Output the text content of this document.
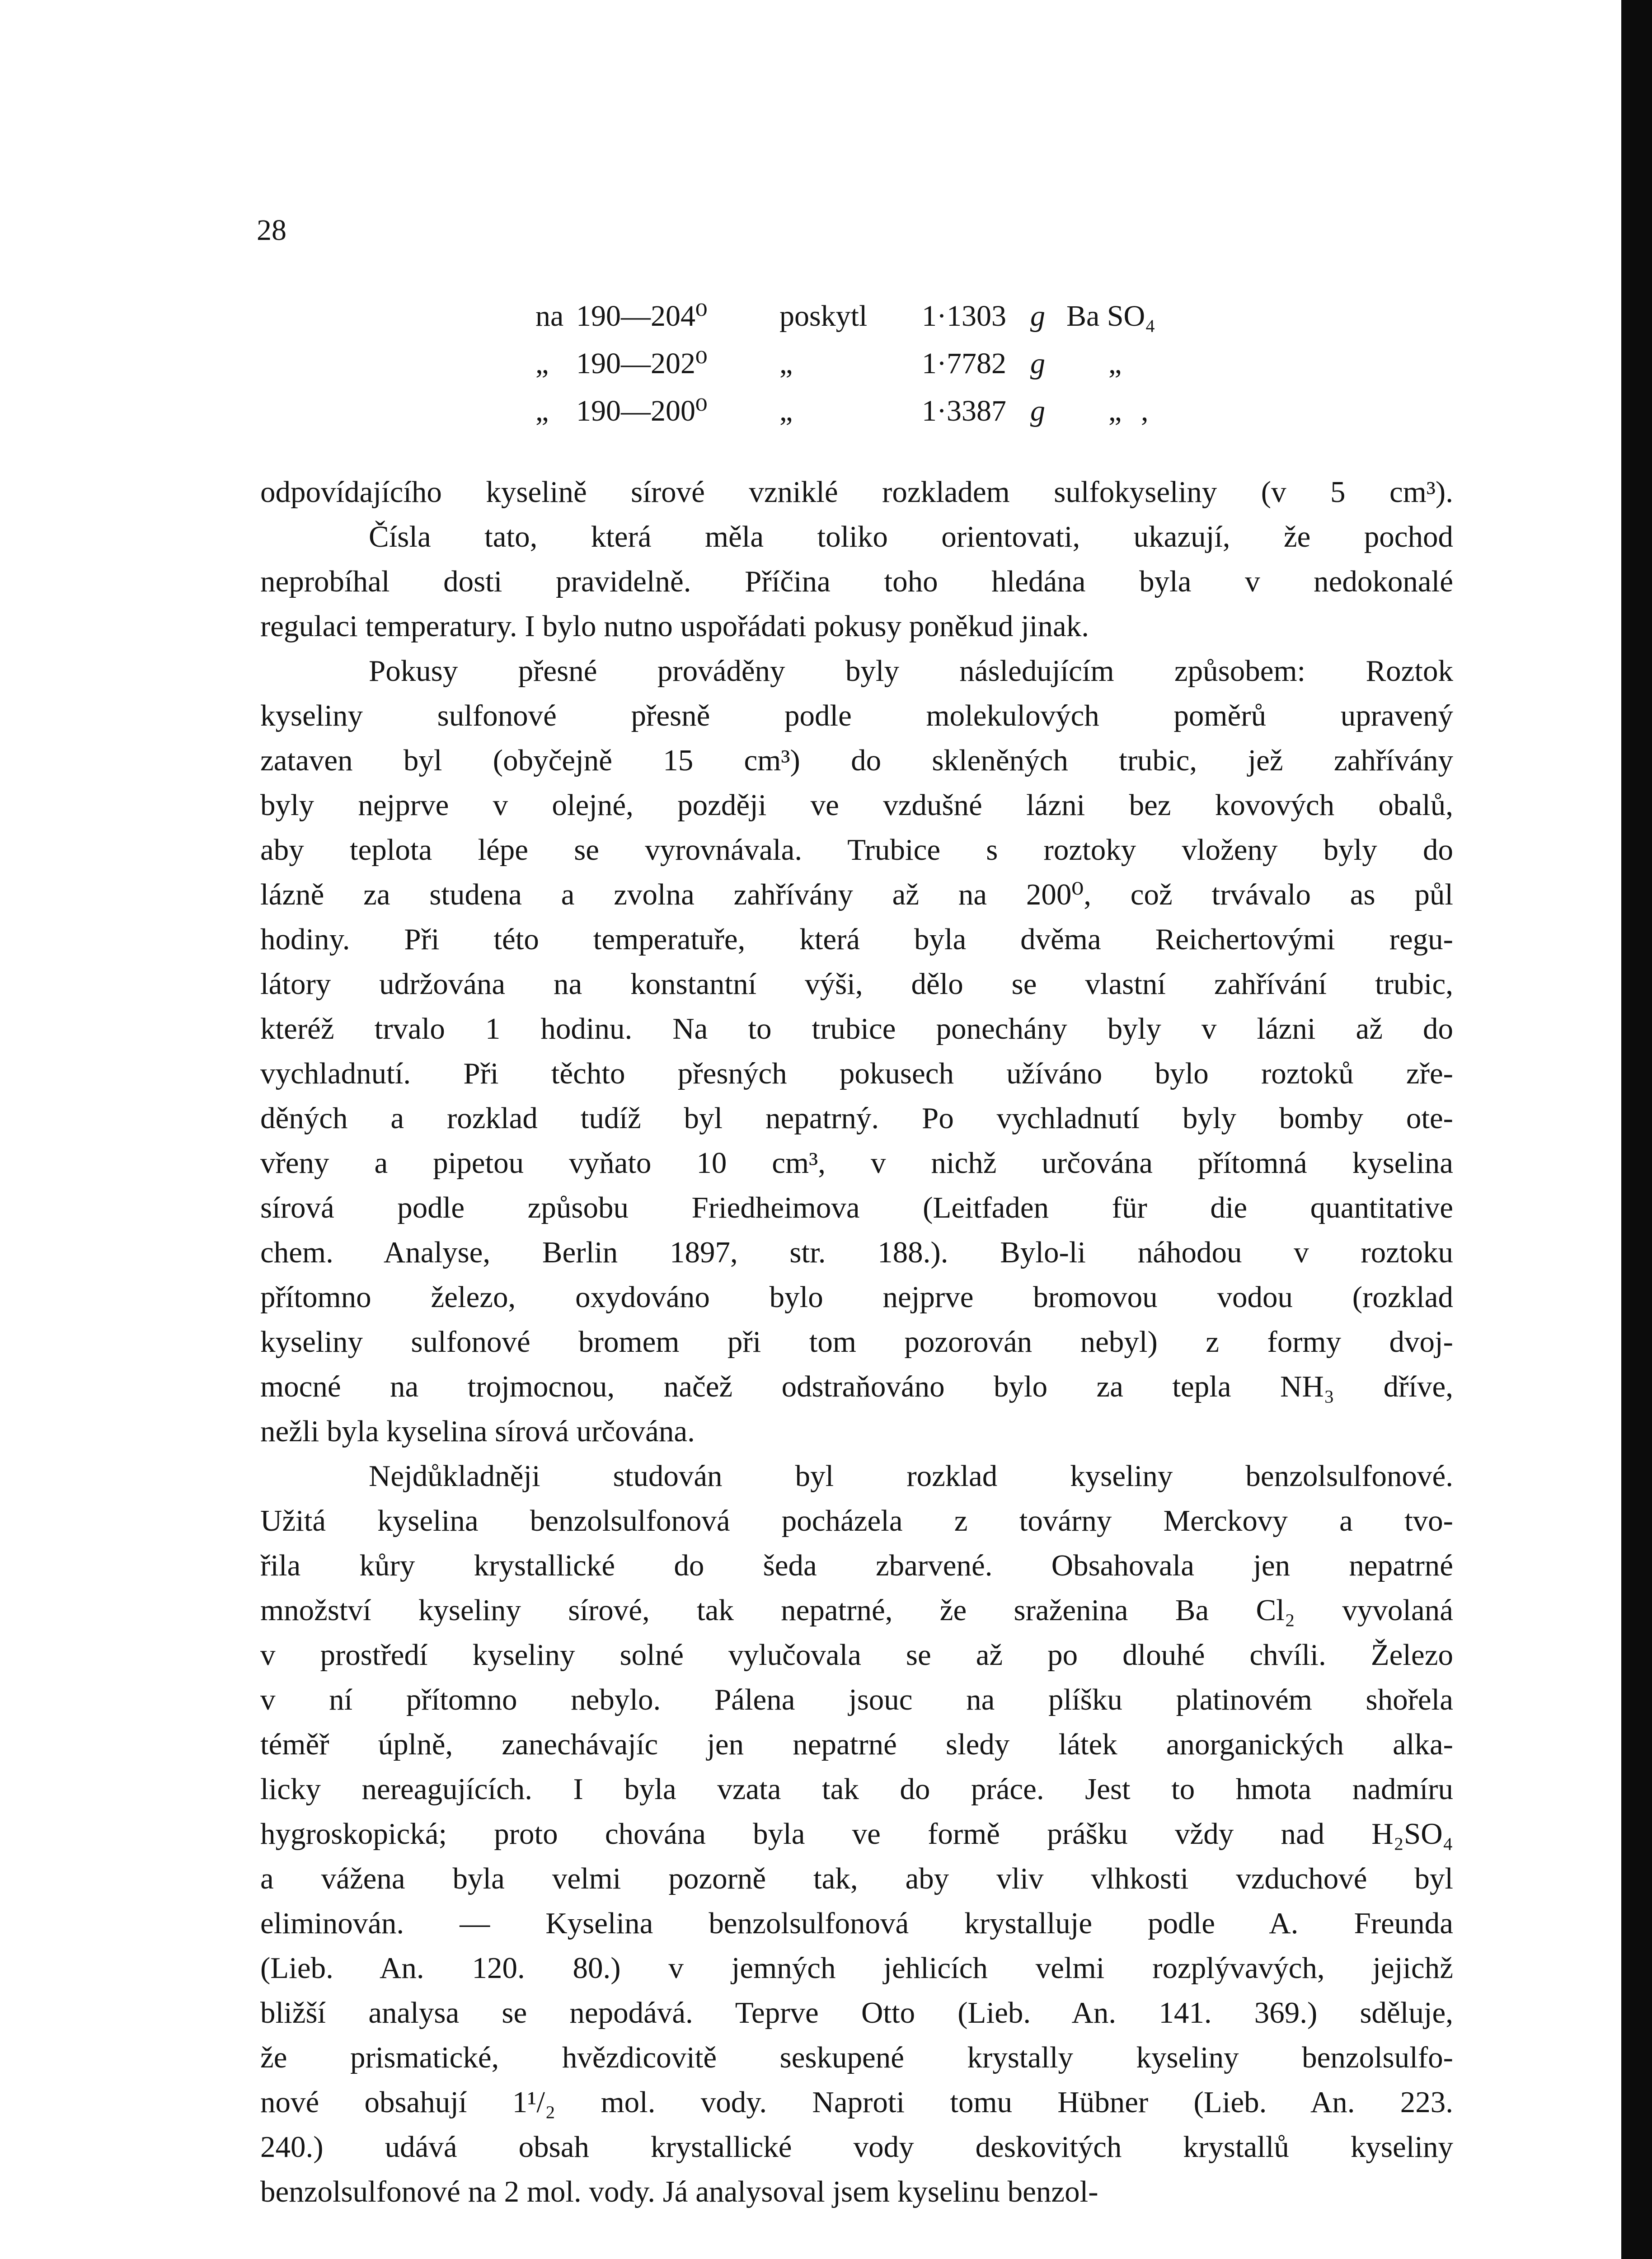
28
na 190—204⁰ poskytl 1·1303 g Ba SO₄
„ 190—202⁰ „	1·7782 g „
„ 190—200⁰ „	1·3387 g „ ,
odpovídajícího kyselině sírové vzniklé rozkladem sulfokyseliny (v 5 cm³).
Čísla tato, která měla toliko orientovati, ukazují, že pochod
neprobíhal dosti pravidelně. Příčina toho hledána byla v nedokonalé
regulaci temperatury. I bylo nutno uspořádati pokusy poněkud jinak.
Pokusy přesné prováděny byly následujícím způsobem: Roztok
kyseliny sulfonové přesně podle molekulových poměrů upravený
zataven byl (obyčejně 15 cm³) do skleněných trubic, jež zahřívány
byly nejprve v olejné, později ve vzdušné lázni bez kovových obalů,
aby teplota lépe se vyrovnávala. Trubice s roztoky vloženy byly do
lázně za studena a zvolna zahřívány až na 200⁰, což trvávalo as půl
hodiny. Při této temperatuře, která byla dvěma Reichertovými regu-
látory udržována na konstantní výši, dělo se vlastní zahřívání trubic,
kteréž trvalo 1 hodinu. Na to trubice ponechány byly v lázni až do
vychladnutí. Při těchto přesných pokusech užíváno bylo roztoků zře-
děných a rozklad tudíž byl nepatrný. Po vychladnutí byly bomby ote-
vřeny a pipetou vyňato 10 cm³, v nichž určována přítomná kyselina
sírová podle způsobu Friedheimova (Leitfaden für die quantitative
chem. Analyse, Berlin 1897, str. 188.). Bylo-li náhodou v roztoku
přítomno železo, oxydováno bylo nejprve bromovou vodou (rozklad
kyseliny sulfonové bromem při tom pozorován nebyl) z formy dvoj-
mocné na trojmocnou, načež odstraňováno bylo za tepla NH₃ dříve,
nežli byla kyselina sírová určována.
Nejdůkladněji studován byl rozklad kyseliny benzolsulfonové.
Užitá kyselina benzolsulfonová pocházela z továrny Merckovy a tvo-
řila kůry krystallické do šeda zbarvené. Obsahovala jen nepatrné
množství kyseliny sírové, tak nepatrné, že sraženina Ba Cl₂ vyvolaná
v prostředí kyseliny solné vylučovala se až po dlouhé chvíli. Železo
v ní přítomno nebylo. Pálena jsouc na plíšku platinovém shořela
téměř úplně, zanechávajíc jen nepatrné sledy látek anorganických alka-
licky nereagujících. I byla vzata tak do práce. Jest to hmota nadmíru
hygroskopická; proto chována byla ve formě prášku vždy nad H₂SO₄
a vážena byla velmi pozorně tak, aby vliv vlhkosti vzduchové byl
eliminován. — Kyselina benzolsulfonová krystalluje podle A. Freunda
(Lieb. An. 120. 80.) v jemných jehlicích velmi rozplývavých, jejichž
bližší analysa se nepodává. Teprve Otto (Lieb. An. 141. 369.) sděluje,
že prismatické, hvězdicovitě seskupené krystally kyseliny benzolsulfo-
nové obsahují 1¹/₂ mol. vody. Naproti tomu Hübner (Lieb. An. 223.
240.) udává obsah krystallické vody deskovitých krystallů kyseliny
benzolsulfonové na 2 mol. vody. Já analysoval jsem kyselinu benzol-
